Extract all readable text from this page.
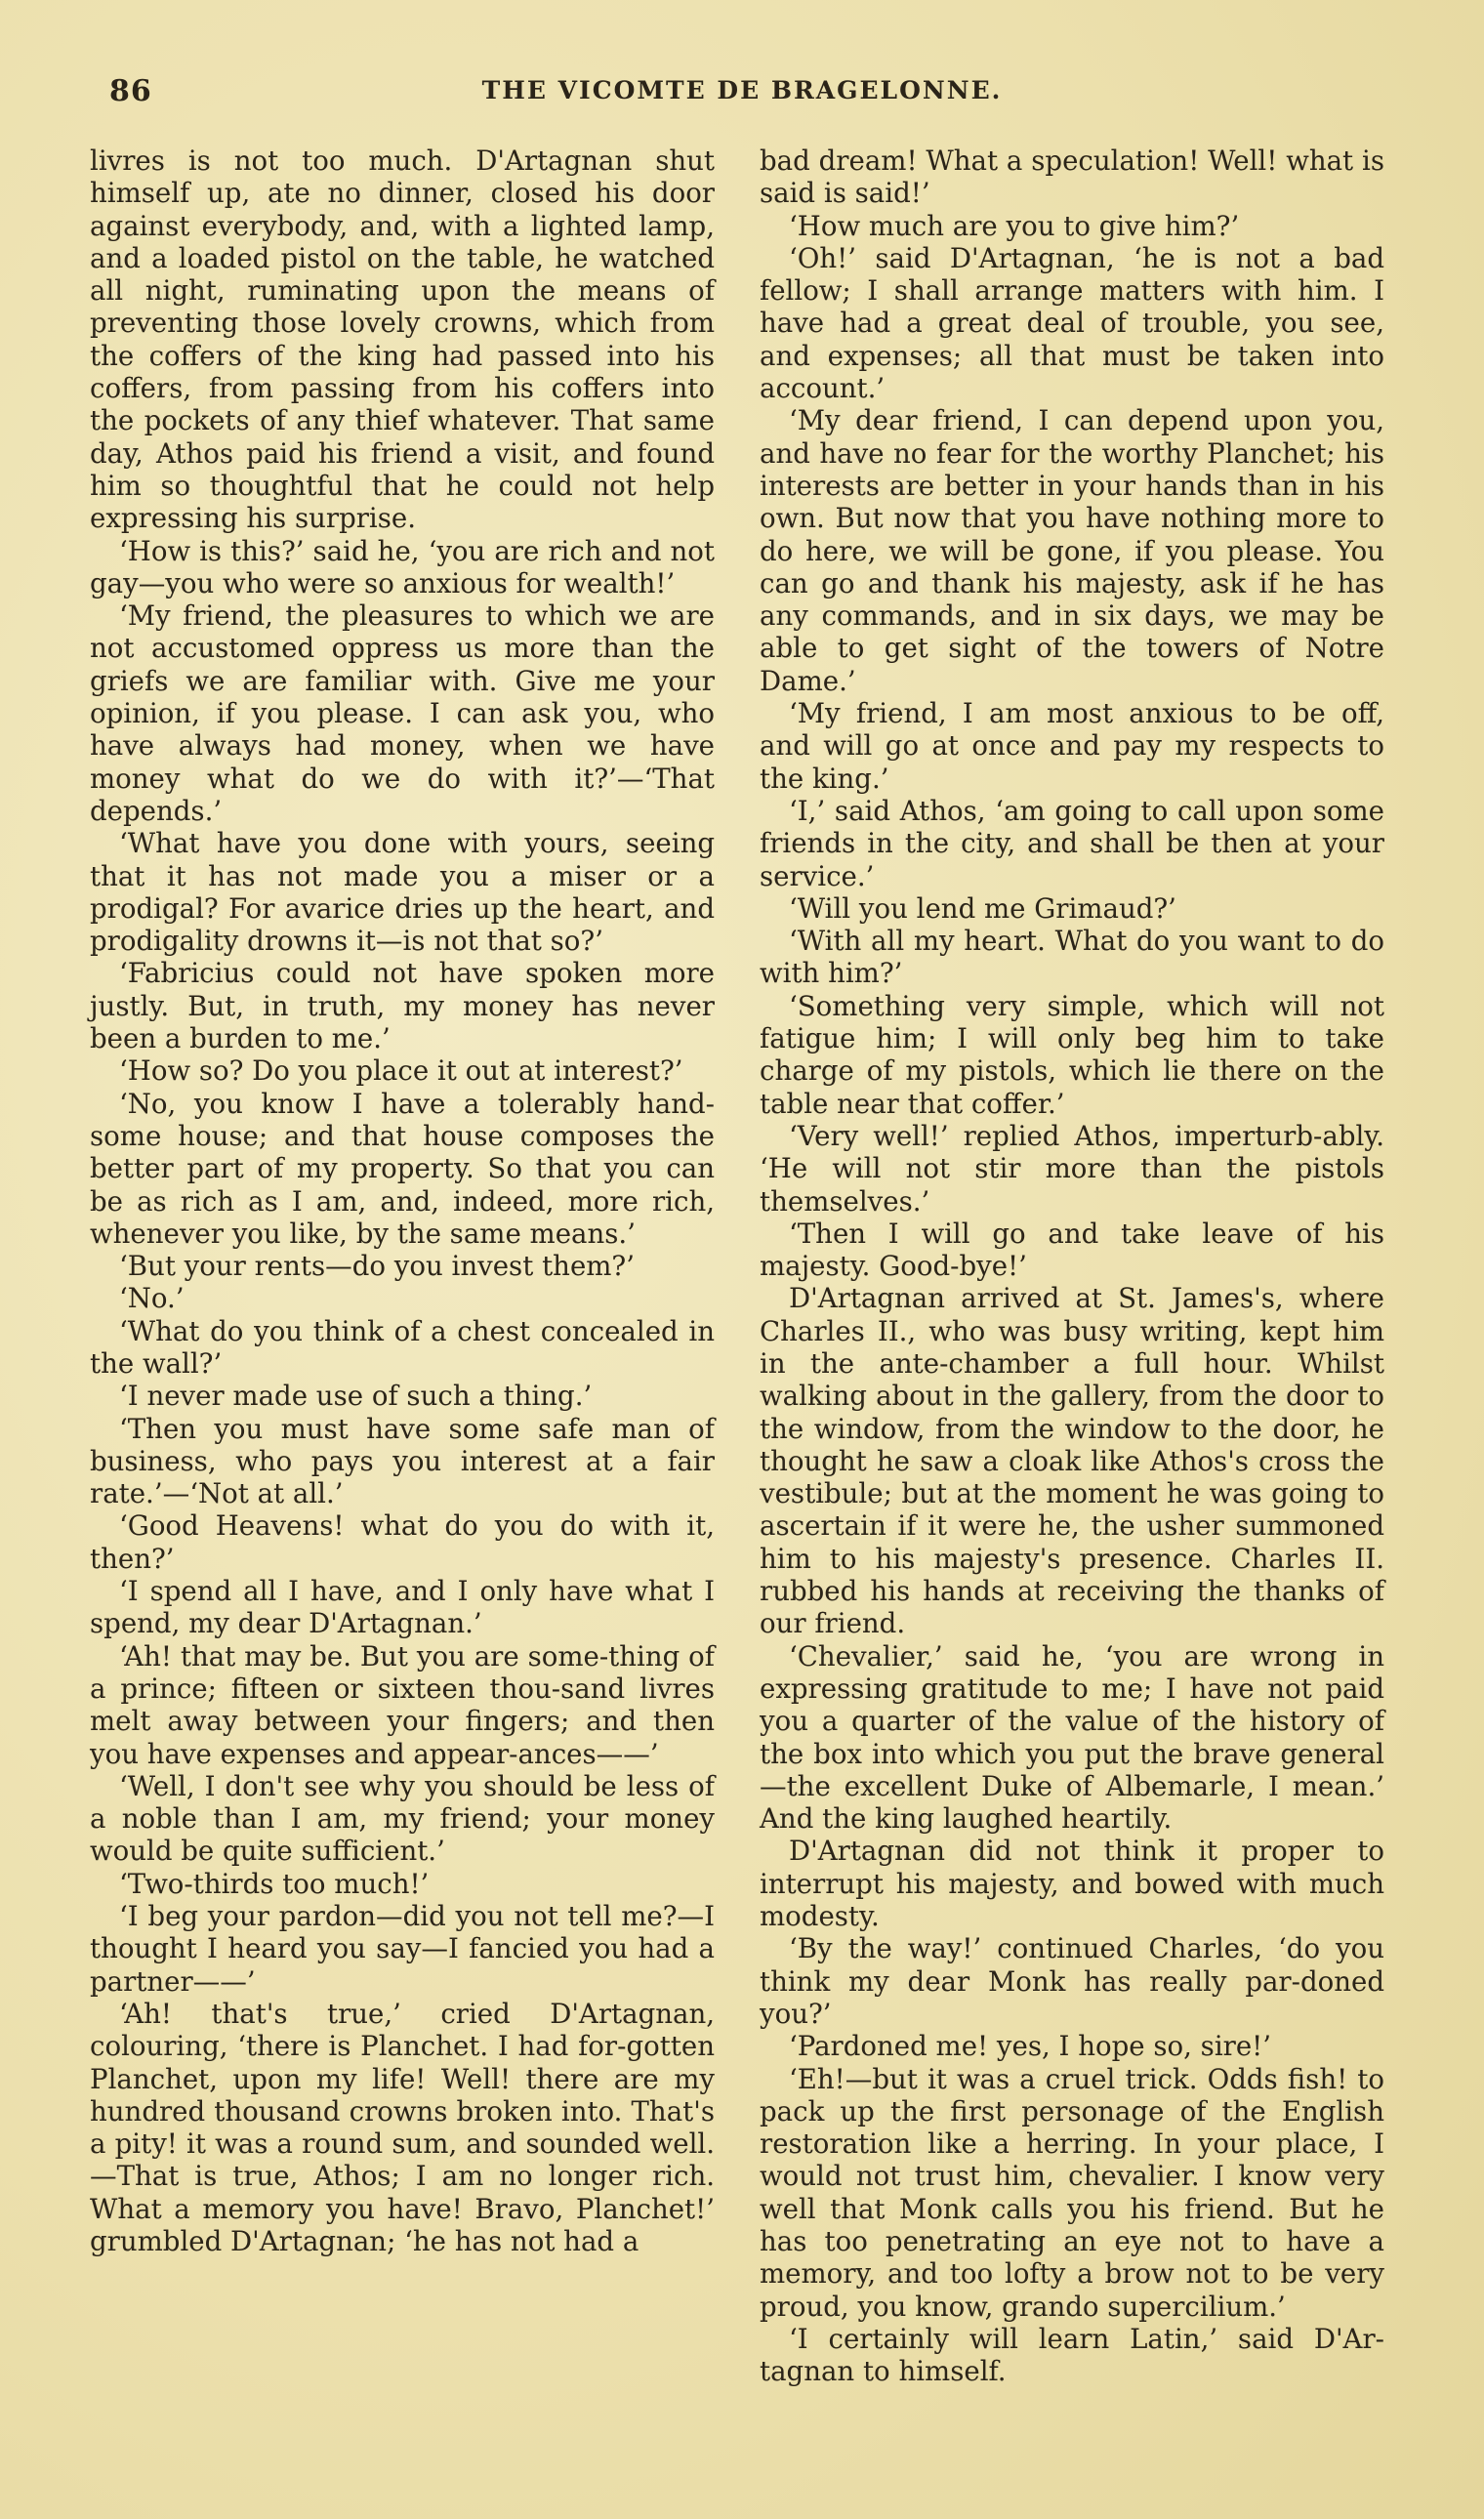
86	THE VICOMTE DE BRAGELONNE.

livres is not too much. D'Artagnan shut himself up, ate no dinner, closed his door against everybody, and, with a lighted lamp, and a loaded pistol on the table, he watched all night, ruminating upon the means of preventing those lovely crowns, which from the coffers of the king had passed into his coffers, from passing from his coffers into the pockets of any thief whatever. That same day, Athos paid his friend a visit, and found him so thoughtful that he could not help expressing his surprise.

‘How is this?’ said he, ‘you are rich and not gay—you who were so anxious for wealth!’

‘My friend, the pleasures to which we are not accustomed oppress us more than the griefs we are familiar with. Give me your opinion, if you please. I can ask you, who have always had money, when we have money what do we do with it?’—‘That depends.’

‘What have you done with yours, seeing that it has not made you a miser or a prodigal? For avarice dries up the heart, and prodigality drowns it—is not that so?’

‘Fabricius could not have spoken more justly. But, in truth, my money has never been a burden to me.’

‘How so? Do you place it out at interest?’

‘No, you know I have a tolerably hand-some house; and that house composes the better part of my property. So that you can be as rich as I am, and, indeed, more rich, whenever you like, by the same means.’

‘But your rents—do you invest them?’

‘No.’

‘What do you think of a chest concealed in the wall?’

‘I never made use of such a thing.’

‘Then you must have some safe man of business, who pays you interest at a fair rate.’—‘Not at all.’

‘Good Heavens! what do you do with it, then?’

‘I spend all I have, and I only have what I spend, my dear D'Artagnan.’

‘Ah! that may be. But you are some-thing of a prince; fifteen or sixteen thou-sand livres melt away between your fingers; and then you have expenses and appear-ances——’

‘Well, I don't see why you should be less of a noble than I am, my friend; your money would be quite sufficient.’

‘Two-thirds too much!’

‘I beg your pardon—did you not tell me?—I thought I heard you say—I fancied you had a partner——’

‘Ah! that's true,’ cried D'Artagnan, colouring, ‘there is Planchet. I had for-gotten Planchet, upon my life! Well! there are my hundred thousand crowns broken into. That's a pity! it was a round sum, and sounded well.—That is true, Athos; I am no longer rich. What a memory you have! Bravo, Planchet!’ grumbled D'Artagnan; ‘he has not had a

bad dream! What a speculation! Well! what is said is said!’

‘How much are you to give him?’

‘Oh!’ said D'Artagnan, ‘he is not a bad fellow; I shall arrange matters with him. I have had a great deal of trouble, you see, and expenses; all that must be taken into account.’

‘My dear friend, I can depend upon you, and have no fear for the worthy Planchet; his interests are better in your hands than in his own. But now that you have nothing more to do here, we will be gone, if you please. You can go and thank his majesty, ask if he has any commands, and in six days, we may be able to get sight of the towers of Notre Dame.’

‘My friend, I am most anxious to be off, and will go at once and pay my respects to the king.’

‘I,’ said Athos, ‘am going to call upon some friends in the city, and shall be then at your service.’

‘Will you lend me Grimaud?’

‘With all my heart. What do you want to do with him?’

‘Something very simple, which will not fatigue him; I will only beg him to take charge of my pistols, which lie there on the table near that coffer.’

‘Very well!’ replied Athos, imperturb-ably. ‘He will not stir more than the pistols themselves.’

‘Then I will go and take leave of his majesty. Good-bye!’

D'Artagnan arrived at St. James's, where Charles II., who was busy writing, kept him in the ante-chamber a full hour. Whilst walking about in the gallery, from the door to the window, from the window to the door, he thought he saw a cloak like Athos's cross the vestibule; but at the moment he was going to ascertain if it were he, the usher summoned him to his majesty's presence. Charles II. rubbed his hands at receiving the thanks of our friend.

‘Chevalier,’ said he, ‘you are wrong in expressing gratitude to me; I have not paid you a quarter of the value of the history of the box into which you put the brave general—the excellent Duke of Albemarle, I mean.’ And the king laughed heartily.

D'Artagnan did not think it proper to interrupt his majesty, and bowed with much modesty.

‘By the way!’ continued Charles, ‘do you think my dear Monk has really par-doned you?’

‘Pardoned me! yes, I hope so, sire!’

‘Eh!—but it was a cruel trick. Odds fish! to pack up the first personage of the English restoration like a herring. In your place, I would not trust him, chevalier. I know very well that Monk calls you his friend. But he has too penetrating an eye not to have a memory, and too lofty a brow not to be very proud, you know, grando supercilium.’

‘I certainly will learn Latin,’ said D'Ar-tagnan to himself.
